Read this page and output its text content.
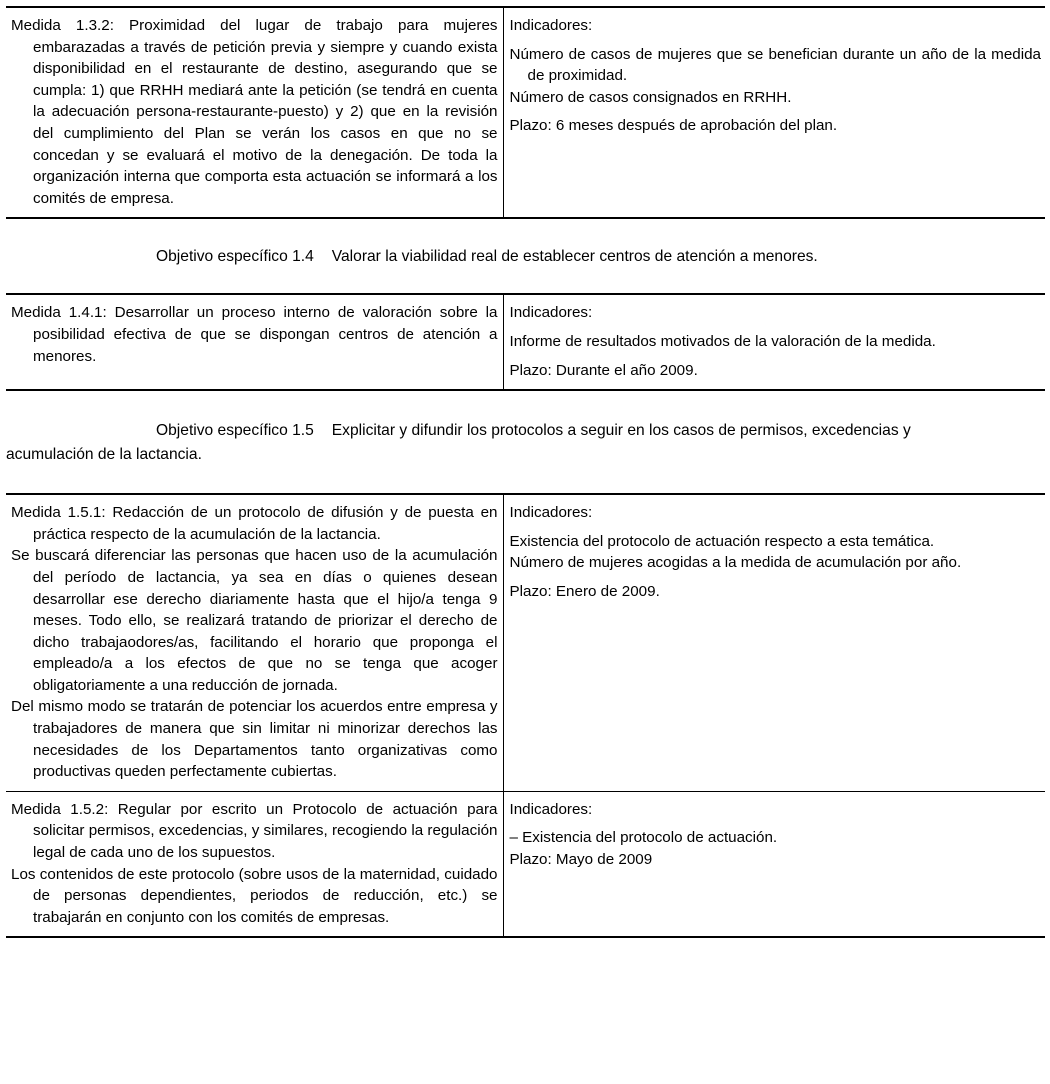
Medida 1.3.2: Proximidad del lugar de trabajo para mujeres embarazadas a través de petición previa y siempre y cuando exista disponibilidad en el restaurante de destino, asegurando que se cumpla: 1) que RRHH mediará ante la petición (se tendrá en cuenta la adecuación persona-restaurante-puesto) y 2) que en la revisión del cumplimiento del Plan se verán los casos en que no se concedan y se evaluará el motivo de la denegación. De toda la organización interna que comporta esta actuación se informará a los comités de empresa.

Indicadores:

Número de casos de mujeres que se benefician durante un año de la medida de proximidad.

Número de casos consignados en RRHH.

Plazo: 6 meses después de aprobación del plan.

Objetivo específico 1.4 Valorar la viabilidad real de establecer centros de atención a menores.

Medida 1.4.1: Desarrollar un proceso interno de valoración sobre la posibilidad efectiva de que se dispongan centros de atención a menores.

Indicadores:

Informe de resultados motivados de la valoración de la medida.

Plazo: Durante el año 2009.

Objetivo específico 1.5 Explicitar y difundir los protocolos a seguir en los casos de permisos, excedencias y acumulación de la lactancia.

Medida 1.5.1: Redacción de un protocolo de difusión y de puesta en práctica respecto de la acumulación de la lactancia.

Se buscará diferenciar las personas que hacen uso de la acumulación del período de lactancia, ya sea en días o quienes desean desarrollar ese derecho diariamente hasta que el hijo/a tenga 9 meses. Todo ello, se realizará tratando de priorizar el derecho de dicho trabajaodores/as, facilitando el horario que proponga el empleado/a a los efectos de que no se tenga que acoger obligatoriamente a una reducción de jornada.

Del mismo modo se tratarán de potenciar los acuerdos entre empresa y trabajadores de manera que sin limitar ni minorizar derechos las necesidades de los Departamentos tanto organizativas como productivas queden perfectamente cubiertas.

Indicadores:

Existencia del protocolo de actuación respecto a esta temática.

Número de mujeres acogidas a la medida de acumulación por año.

Plazo: Enero de 2009.

Medida 1.5.2: Regular por escrito un Protocolo de actuación para solicitar permisos, excedencias, y similares, recogiendo la regulación legal de cada uno de los supuestos.

Los contenidos de este protocolo (sobre usos de la maternidad, cuidado de personas dependientes, periodos de reducción, etc.) se trabajarán en conjunto con los comités de empresas.

Indicadores:

– Existencia del protocolo de actuación.

Plazo: Mayo de 2009
